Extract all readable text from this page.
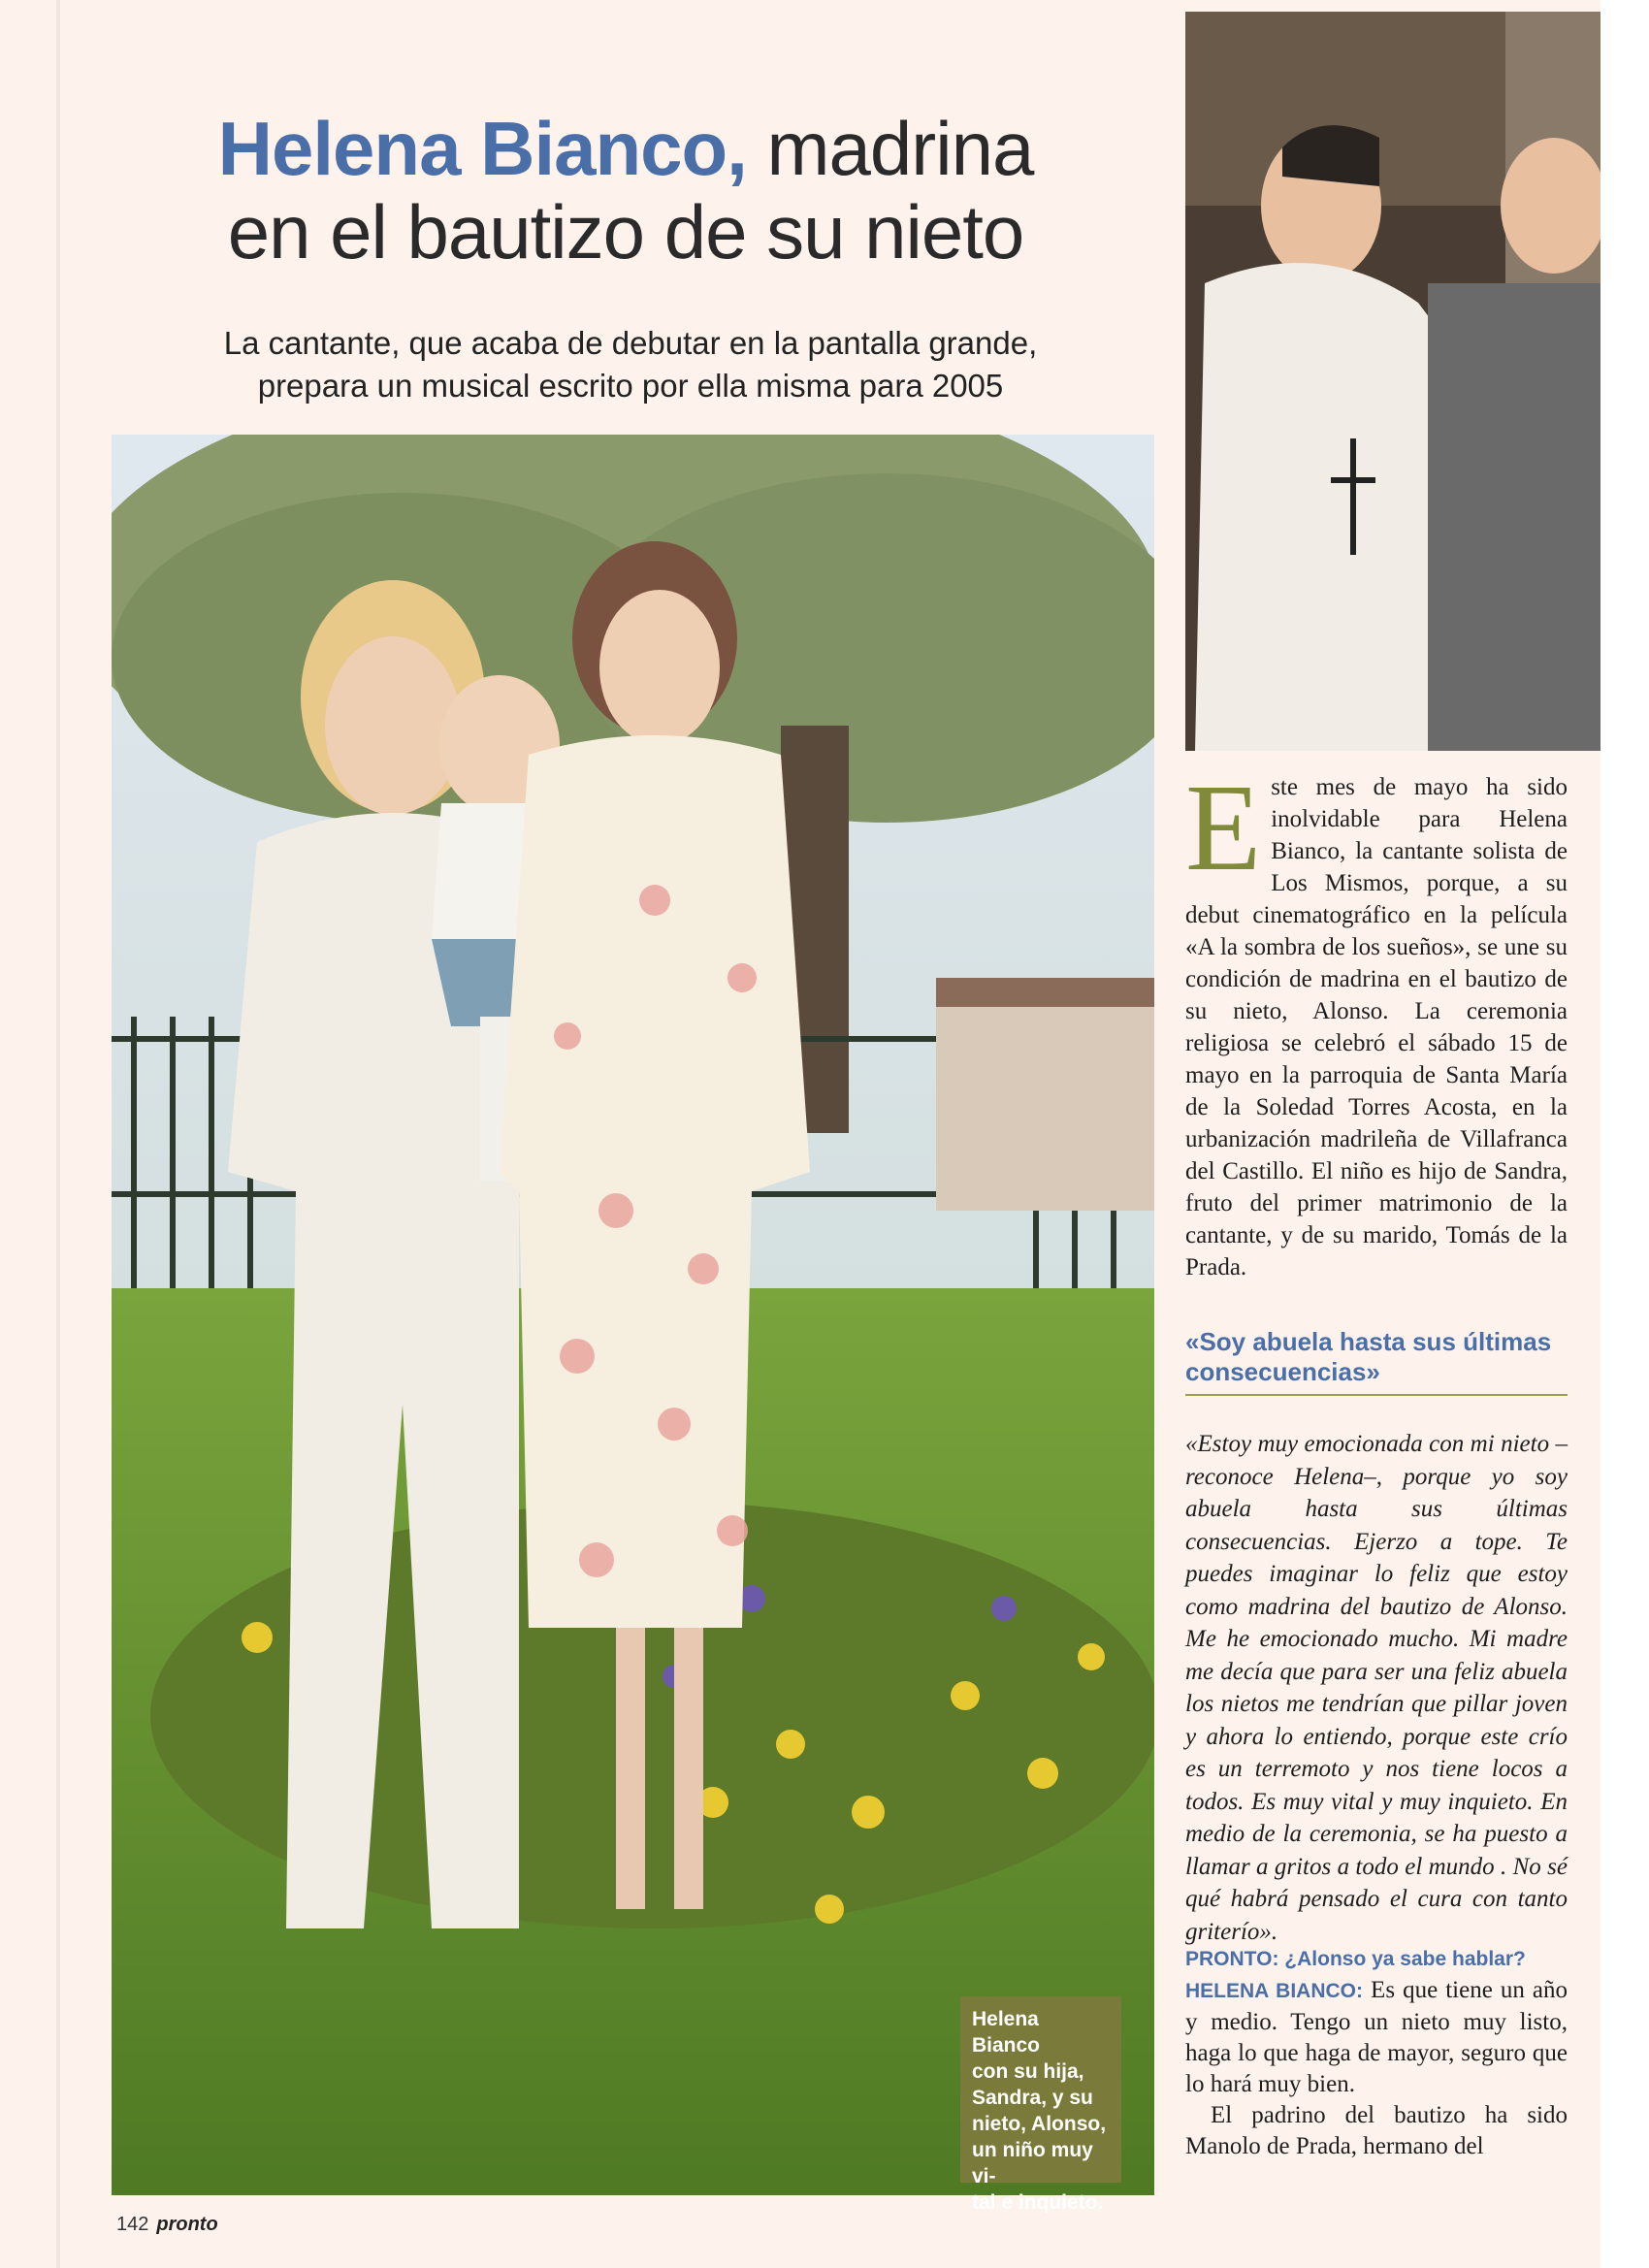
Helena Bianco, madrina
en el bautizo de su nieto
La cantante, que acaba de debutar en la pantalla grande,
prepara un musical escrito por ella misma para 2005
Helena Bianco
con su hija,
Sandra, y su
nieto, Alonso,
un niño muy vi-
tal e inquieto.
Este mes de mayo ha sido inolvidable para Helena Bianco, la cantante solista de Los Mismos, porque, a su debut cinematográfico en la película «A la sombra de los sueños», se une su condición de madrina en el bautizo de su nieto, Alonso. La ceremonia religiosa se celebró el sábado 15 de mayo en la parroquia de Santa María de la Soledad Torres Acosta, en la urbanización madrileña de Villafranca del Castillo. El niño es hijo de Sandra, fruto del primer matrimonio de la cantante, y de su marido, Tomás de la Prada.
«Soy abuela hasta sus últimas consecuencias»
«Estoy muy emocionada con mi nieto –reconoce Helena–, porque yo soy abuela hasta sus últimas consecuencias. Ejerzo a tope. Te puedes imaginar lo feliz que estoy como madrina del bautizo de Alonso. Me he emocionado mucho. Mi madre me decía que para ser una feliz abuela los nietos me tendrían que pillar joven y ahora lo entiendo, porque este crío es un terremoto y nos tiene locos a todos. Es muy vital y muy inquieto. En medio de la ceremonia, se ha puesto a llamar a gritos a todo el mundo . No sé qué habrá pensado el cura con tanto griterío».

PRONTO: ¿Alonso ya sabe hablar?

HELENA BIANCO: Es que tiene un año y medio. Tengo un nieto muy listo, haga lo que haga de mayor, seguro que lo hará muy bien.

El padrino del bautizo ha sido Manolo de Prada, hermano del

142 pronto
